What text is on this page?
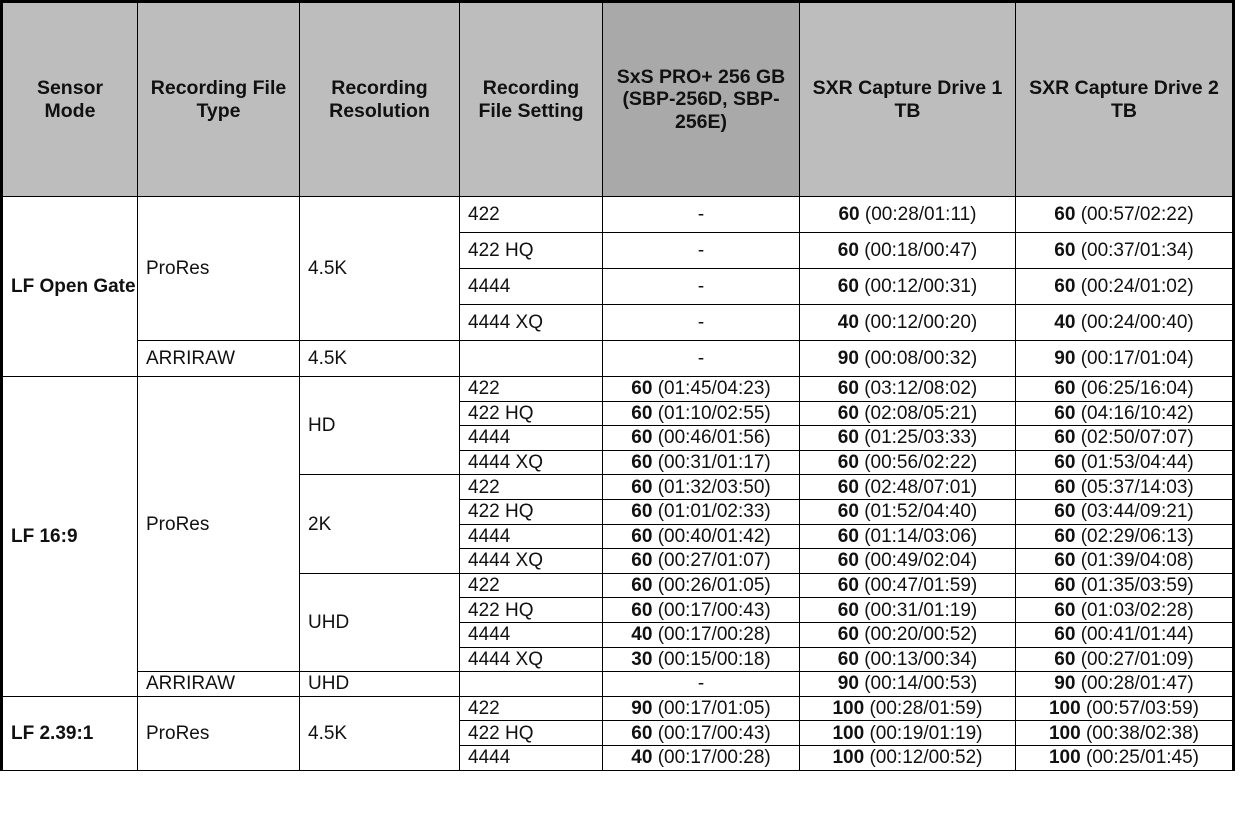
Sensor Mode	Recording File Type	Recording Resolution	Recording File Setting	SxS PRO+ 256 GB (SBP-256D, SBP-256E)	SXR Capture Drive 1 TB	SXR Capture Drive 2 TB
LF Open Gate	ProRes	4.5K	422	-	60 (00:28/01:11)	60 (00:57/02:22)
			422 HQ	-	60 (00:18/00:47)	60 (00:37/01:34)
			4444	-	60 (00:12/00:31)	60 (00:24/01:02)
			4444 XQ	-	40 (00:12/00:20)	40 (00:24/00:40)
	ARRIRAW	4.5K		-	90 (00:08/00:32)	90 (00:17/01:04)
LF 16:9	ProRes	HD	422	60 (01:45/04:23)	60 (03:12/08:02)	60 (06:25/16:04)
			422 HQ	60 (01:10/02:55)	60 (02:08/05:21)	60 (04:16/10:42)
			4444	60 (00:46/01:56)	60 (01:25/03:33)	60 (02:50/07:07)
			4444 XQ	60 (00:31/01:17)	60 (00:56/02:22)	60 (01:53/04:44)
		2K	422	60 (01:32/03:50)	60 (02:48/07:01)	60 (05:37/14:03)
			422 HQ	60 (01:01/02:33)	60 (01:52/04:40)	60 (03:44/09:21)
			4444	60 (00:40/01:42)	60 (01:14/03:06)	60 (02:29/06:13)
			4444 XQ	60 (00:27/01:07)	60 (00:49/02:04)	60 (01:39/04:08)
		UHD	422	60 (00:26/01:05)	60 (00:47/01:59)	60 (01:35/03:59)
			422 HQ	60 (00:17/00:43)	60 (00:31/01:19)	60 (01:03/02:28)
			4444	40 (00:17/00:28)	60 (00:20/00:52)	60 (00:41/01:44)
			4444 XQ	30 (00:15/00:18)	60 (00:13/00:34)	60 (00:27/01:09)
	ARRIRAW	UHD		-	90 (00:14/00:53)	90 (00:28/01:47)
LF 2.39:1	ProRes	4.5K	422	90 (00:17/01:05)	100 (00:28/01:59)	100 (00:57/03:59)
			422 HQ	60 (00:17/00:43)	100 (00:19/01:19)	100 (00:38/02:38)
			4444	40 (00:17/00:28)	100 (00:12/00:52)	100 (00:25/01:45)
